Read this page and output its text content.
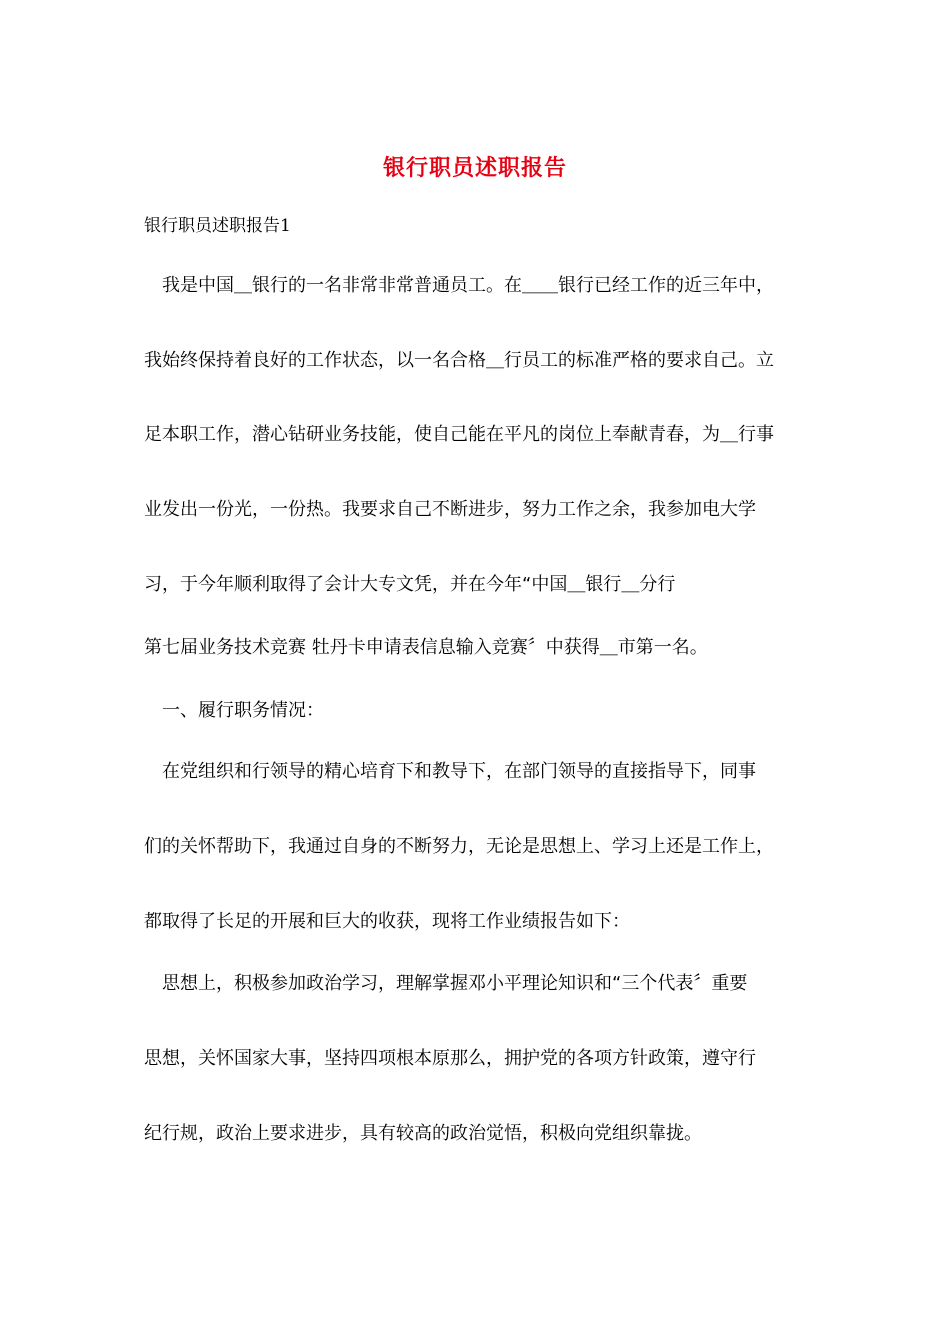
银行职员述职报告
银行职员述职报告1
我是中国＿银行的一名非常非常普通员工。在＿＿银行已经工作的近三年中，
我始终保持着良好的工作状态，以一名合格＿行员工的标准严格的要求自己。立
足本职工作，潜心钻研业务技能，使自己能在平凡的岗位上奉献青春，为＿行事
业发出一份光，一份热。我要求自己不断进步，努力工作之余，我参加电大学
习，于今年顺利取得了会计大专文凭，并在今年“中国＿银行＿分行
第七届业务技术竞赛 牡丹卡申请表信息输入竞赛〞中获得＿市第一名。
一、履行职务情况：
在党组织和行领导的精心培育下和教导下，在部门领导的直接指导下，同事
们的关怀帮助下，我通过自身的不断努力，无论是思想上、学习上还是工作上，
都取得了长足的开展和巨大的收获，现将工作业绩报告如下：
思想上，积极参加政治学习，理解掌握邓小平理论知识和“三个代表〞重要
思想，关怀国家大事，坚持四项根本原那么，拥护党的各项方针政策，遵守行
纪行规，政治上要求进步，具有较高的政治觉悟，积极向党组织靠拢。
